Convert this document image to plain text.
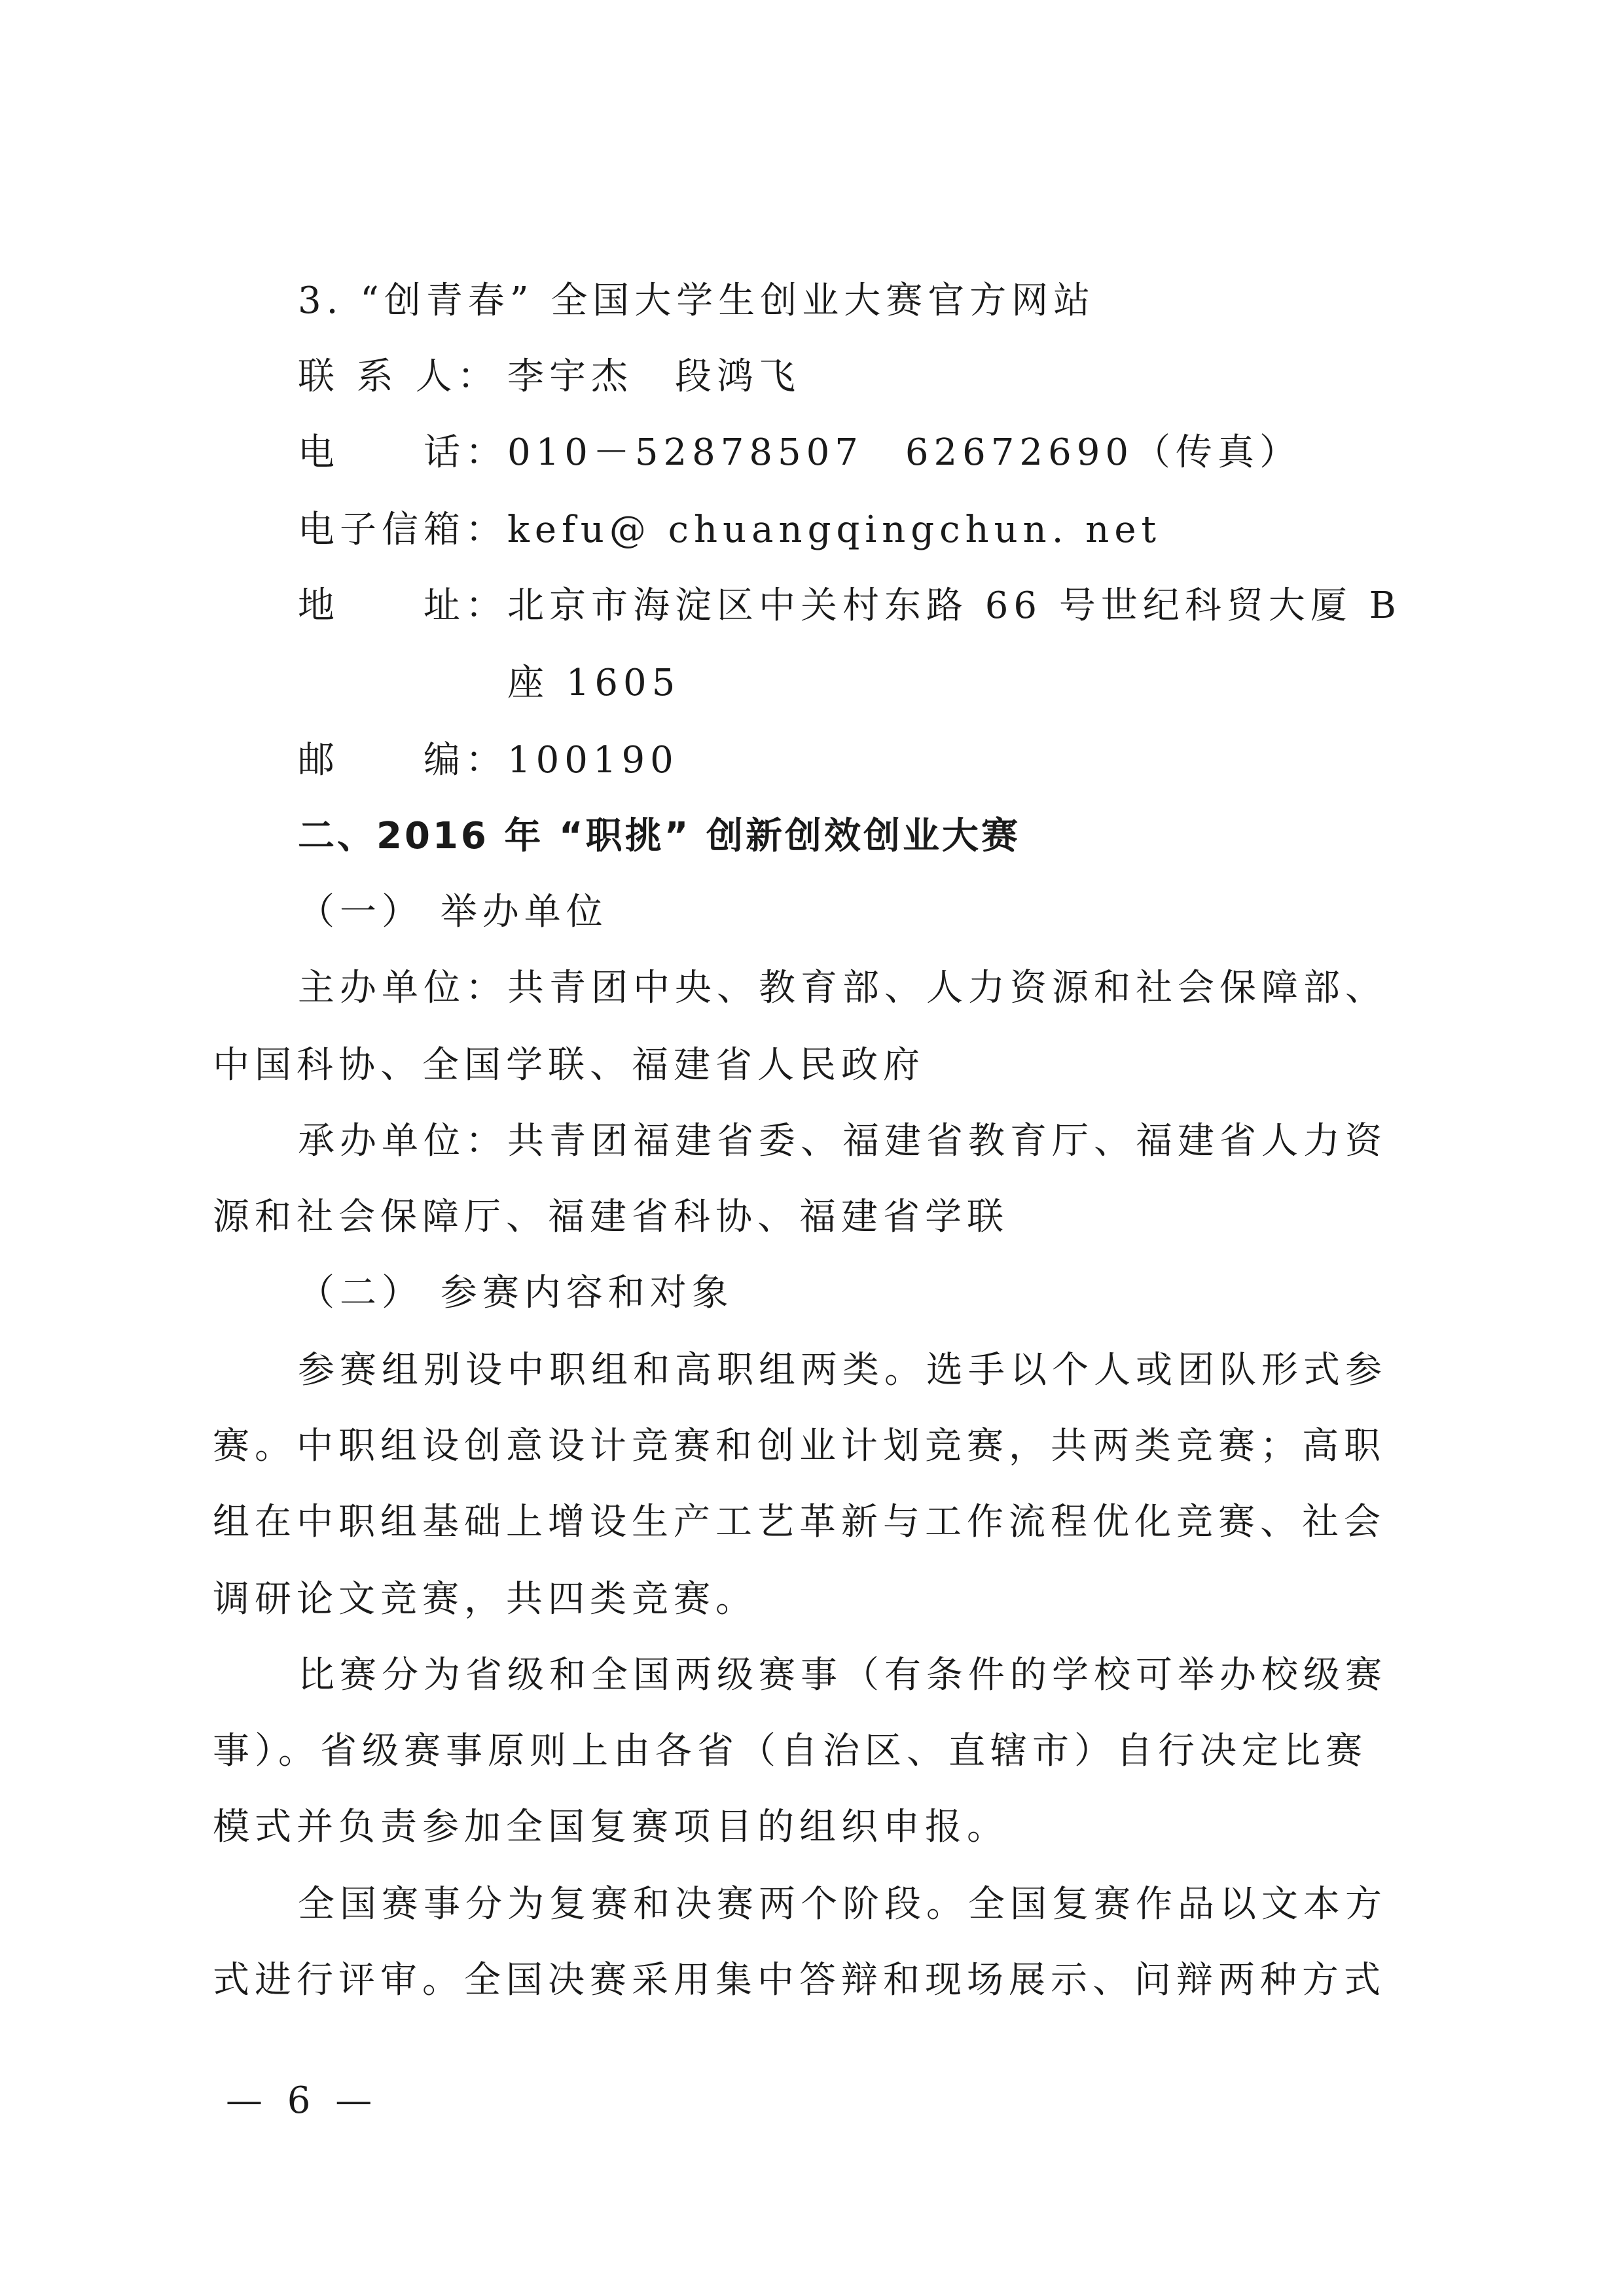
3. “创青春” 全国大学生创业大赛官方网站
联 系 人： 李宇杰　段鸿飞
电　　话：010－52878507　62672690（传真）
电子信箱：kefu@ chuangqingchun. net
地　　址：北京市海淀区中关村东路 66 号世纪科贸大厦 B
座 1605
邮　　编：100190
二、2016 年 “职挑” 创新创效创业大赛
（一） 举办单位
主办单位：共青团中央、教育部、人力资源和社会保障部、
中国科协、全国学联、福建省人民政府
承办单位：共青团福建省委、福建省教育厅、福建省人力资
源和社会保障厅、福建省科协、福建省学联
（二） 参赛内容和对象
参赛组别设中职组和高职组两类。选手以个人或团队形式参
赛。中职组设创意设计竞赛和创业计划竞赛，共两类竞赛；高职
组在中职组基础上增设生产工艺革新与工作流程优化竞赛、社会
调研论文竞赛，共四类竞赛。
比赛分为省级和全国两级赛事（有条件的学校可举办校级赛
事）。省级赛事原则上由各省（自治区、直辖市）自行决定比赛
模式并负责参加全国复赛项目的组织申报。
全国赛事分为复赛和决赛两个阶段。全国复赛作品以文本方
式进行评审。全国决赛采用集中答辩和现场展示、问辩两种方式
— 6 —
